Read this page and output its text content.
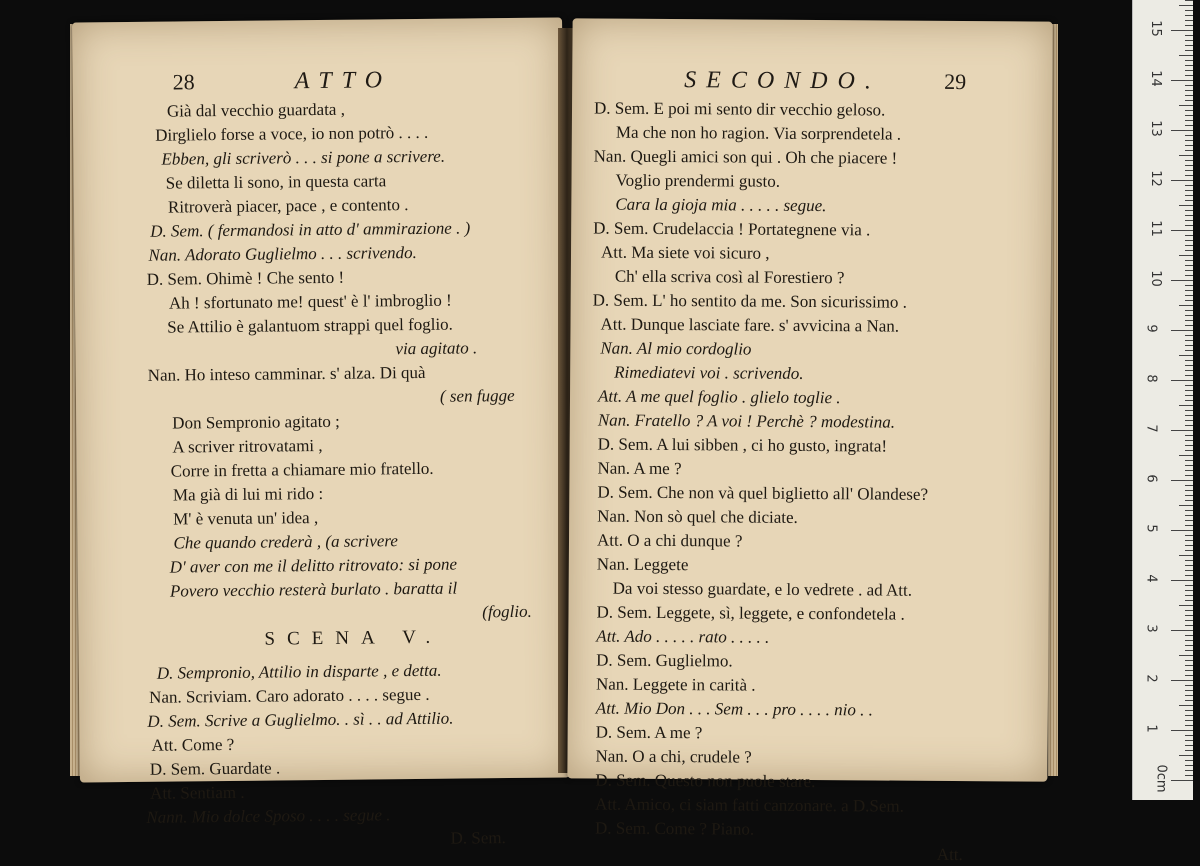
28	ATTO
Già dal vecchio guardata ,
Dirglielo forse a voce, io non potrò . . . .
Ebben, gli scriverò . . . si pone a scrivere.
Se diletta li sono, in questa carta
Ritroverà piacer, pace , e contento .
D. Sem. ( fermandosi in atto d' ammirazione . )
Nan. Adorato Guglielmo . . . scrivendo.
D. Sem. Ohimè ! Che sento !
Ah ! sfortunato me! quest' è l' imbroglio !
Se Attilio è galantuom strappi quel foglio.
via agitato .
Nan. Ho inteso camminar. s' alza. Di quà
( sen fugge
Don Sempronio agitato ;
A scriver ritrovatami ,
Corre in fretta a chiamare mio fratello.
Ma già di lui mi rido :
M' è venuta un' idea ,
Che quando crederà , (a scrivere
D' aver con me il delitto ritrovato: si pone
Povero vecchio resterà burlato . baratta il
(foglio.
SCENA V.
D. Sempronio, Attilio in disparte , e detta.
Nan. Scriviam. Caro adorato . . . . segue .
D. Sem. Scrive a Guglielmo. . sì . . ad Attilio.
Att. Come ?
D. Sem. Guardate .
Att. Sentiam .
Nann. Mio dolce Sposo . . . . segue .
D. Sem.
SECONDO.	29
D. Sem. E poi mi sento dir vecchio geloso.
Ma che non ho ragion. Via sorprendetela .
Nan. Quegli amici son qui . Oh che piacere !
Voglio prendermi gusto.
Cara la gioja mia . . . . . segue.
D. Sem. Crudelaccia ! Portategnene via .
Att. Ma siete voi sicuro ,
Ch' ella scriva così al Forestiero ?
D. Sem. L' ho sentito da me. Son sicurissimo .
Att. Dunque lasciate fare. s' avvicina a Nan.
Nan. Al mio cordoglio
Rimediatevi voi . scrivendo.
Att. A me quel foglio . glielo toglie .
Nan. Fratello ? A voi ! Perchè ? modestina.
D. Sem. A lui sibben , ci ho gusto, ingrata!
Nan. A me ?
D. Sem. Che non và quel biglietto all' Olandese?
Nan. Non sò quel che diciate.
Att. O a chi dunque ?
Nan. Leggete
Da voi stesso guardate, e lo vedrete . ad Att.
D. Sem. Leggete, sì, leggete, e confondetela .
Att. Ado . . . . . rato . . . . .
D. Sem. Guglielmo.
Nan. Leggete in carità .
Att. Mio Don . . . Sem . . . pro . . . . nio . .
D. Sem. A me ?
Nan. O a chi, crudele ?
D. Sem. Questo non puole stare.
Att. Amico, ci siam fatti canzonare. a D.Sem.
D. Sem. Come ? Piano.
Att.
0cm
1
2
3
4
5
6
7
8
9
10
11
12
13
14
15
